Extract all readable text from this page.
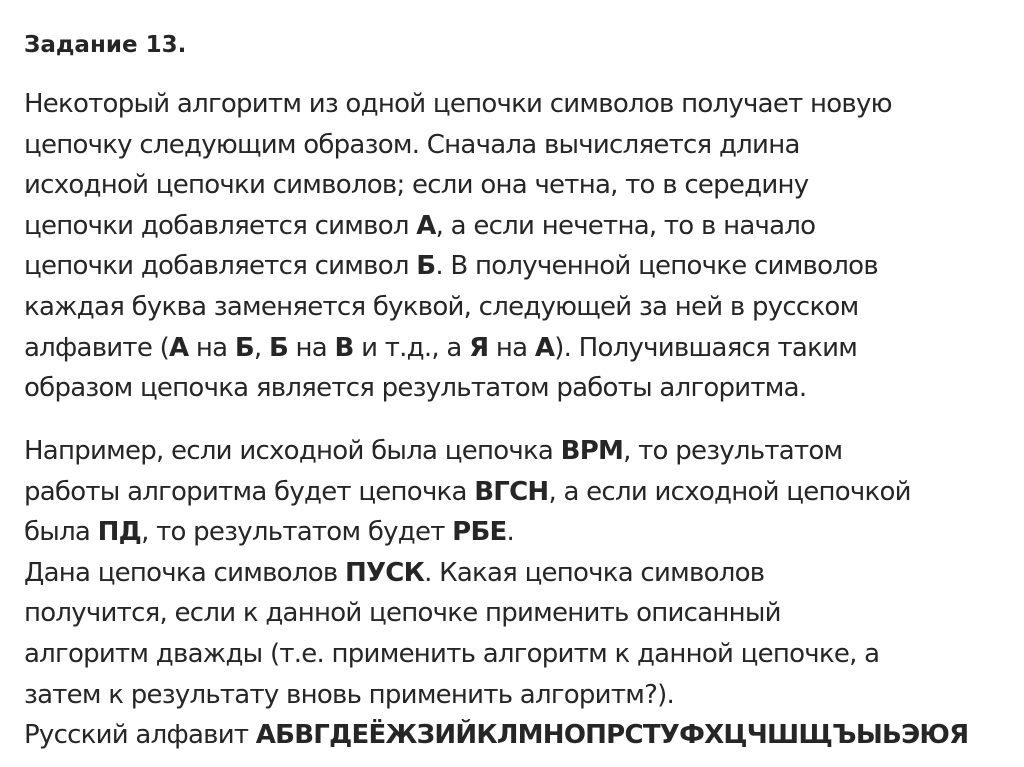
Задание 13.
Некоторый алгоритм из одной цепочки символов получает новую
цепочку следующим образом. Сначала вычисляется длина
исходной цепочки символов; если она четна, то в середину
цепочки добавляется символ А, а если нечетна, то в начало
цепочки добавляется символ Б. В полученной цепочке символов
каждая буква заменяется буквой, следующей за ней в русском
алфавите (А на Б, Б на В и т.д., а Я на А). Получившаяся таким
образом цепочка является результатом работы алгоритма.
Например, если исходной была цепочка ВРМ, то результатом
работы алгоритма будет цепочка ВГСН, а если исходной цепочкой
была ПД, то результатом будет РБЕ.
Дана цепочка символов ПУСК. Какая цепочка символов
получится, если к данной цепочке применить описанный
алгоритм дважды (т.е. применить алгоритм к данной цепочке, а
затем к результату вновь применить алгоритм?).
Русский алфавит АБВГДЕЁЖЗИЙКЛМНОПРСТУФХЦЧШЩЪЫЬЭЮЯ
